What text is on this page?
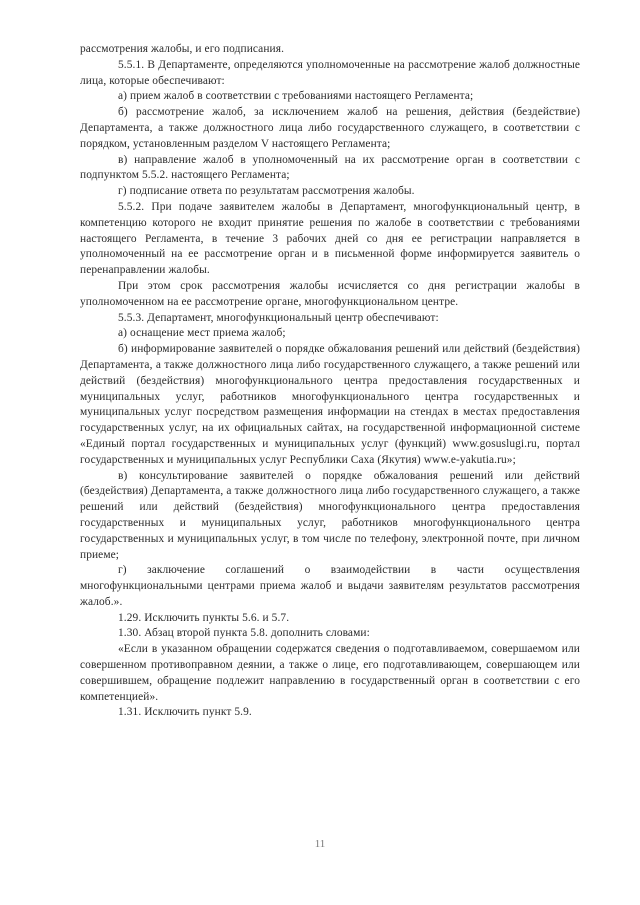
рассмотрения жалобы, и его подписания.

5.5.1. В Департаменте, определяются уполномоченные на рассмотрение жалоб должностные лица, которые обеспечивают:

а) прием жалоб в соответствии с требованиями настоящего Регламента;

б) рассмотрение жалоб, за исключением жалоб на решения, действия (бездействие) Департамента, а также должностного лица либо государственного служащего, в соответствии с порядком, установленным разделом V настоящего Регламента;

в) направление жалоб в уполномоченный на их рассмотрение орган в соответствии с подпунктом 5.5.2. настоящего Регламента;

г) подписание ответа по результатам рассмотрения жалобы.

5.5.2. При подаче заявителем жалобы в Департамент, многофункциональный центр, в компетенцию которого не входит принятие решения по жалобе в соответствии с требованиями настоящего Регламента, в течение 3 рабочих дней со дня ее регистрации направляется в уполномоченный на ее рассмотрение орган и в письменной форме информируется заявитель о перенаправлении жалобы.

При этом срок рассмотрения жалобы исчисляется со дня регистрации жалобы в уполномоченном на ее рассмотрение органе, многофункциональном центре.

5.5.3. Департамент, многофункциональный центр обеспечивают:

а) оснащение мест приема жалоб;

б) информирование заявителей о порядке обжалования решений или действий (бездействия) Департамента, а также должностного лица либо государственного служащего, а также решений или действий (бездействия) многофункционального центра предоставления государственных и муниципальных услуг, работников многофункционального центра государственных и муниципальных услуг посредством размещения информации на стендах в местах предоставления государственных услуг, на их официальных сайтах, на государственной информационной системе «Единый портал государственных и муниципальных услуг (функций) www.gosuslugi.ru, портал государственных и муниципальных услуг Республики Саха (Якутия) www.e-yakutia.ru»;

в) консультирование заявителей о порядке обжалования решений или действий (бездействия) Департамента, а также должностного лица либо государственного служащего, а также решений или действий (бездействия) многофункционального центра предоставления государственных и муниципальных услуг, работников многофункционального центра государственных и муниципальных услуг, в том числе по телефону, электронной почте, при личном приеме;

г) заключение соглашений о взаимодействии в части осуществления многофункциональными центрами приема жалоб и выдачи заявителям результатов рассмотрения жалоб.».

1.29. Исключить пункты 5.6. и 5.7.

1.30. Абзац второй пункта 5.8. дополнить словами:

«Если в указанном обращении содержатся сведения о подготавливаемом, совершаемом или совершенном противоправном деянии, а также о лице, его подготавливающем, совершающем или совершившем, обращение подлежит направлению в государственный орган в соответствии с его компетенцией».

1.31. Исключить пункт 5.9.

11
